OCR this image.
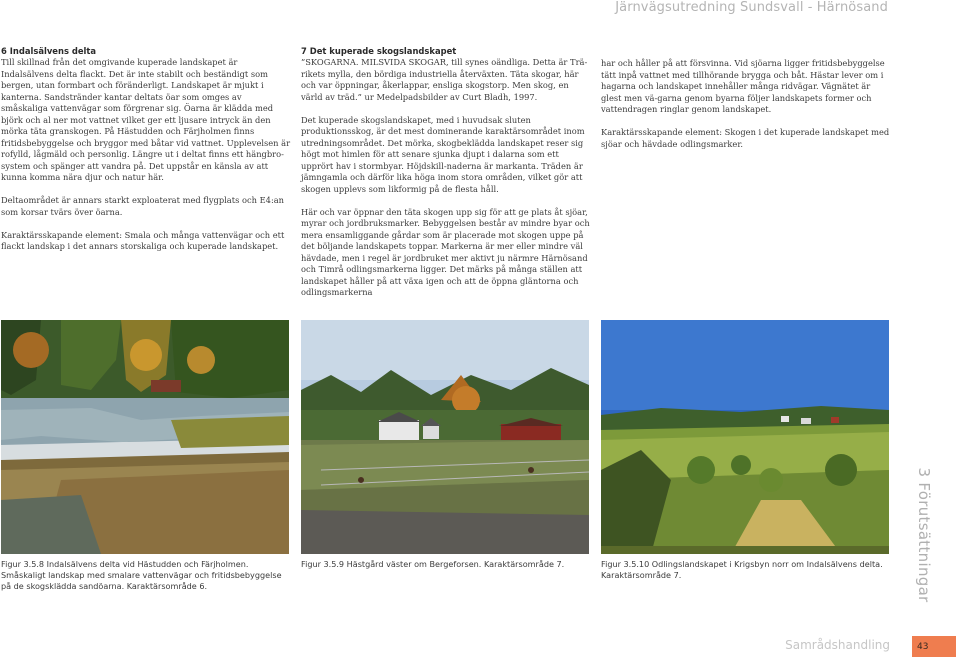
Järnvägsutredning Sundsvall - Härnösand
6 Indalsälvens delta

Till skillnad från det omgivande kuperade landskapet är Indalsälvens delta flackt. Det är inte stabilt och beständigt som bergen, utan formbart och föränderligt. Landskapet är mjukt i kanterna. Sandstränder kantar deltats öar som omges av småskaliga vattenvägar som förgrenar sig. Öarna är klädda med björk och al ner mot vattnet vilket ger ett ljusare intryck än den mörka täta granskogen. På Hästudden och Färjholmen finns fritidsbebyggelse och bryggor med båtar vid vattnet. Upplevelsen är rofylld, lågmäld och personlig. Längre ut i deltat finns ett hängbro-system och spänger att vandra på. Det uppstår en känsla av att kunna komma nära djur och natur här.

Deltaområdet är annars starkt exploaterat med flygplats och E4:an som korsar tvärs över öarna.

Karaktärsskapande element: Smala och många vattenvägar och ett flackt landskap i det annars storskaliga och kuperade landskapet.

7 Det kuperade skogslandskapet

”SKOGARNA. MILSVIDA SKOGAR, till synes oändliga. Detta är Trä-rikets mylla, den bördiga industriella återväxten. Täta skogar, här och var öppningar, åkerlappar, ensliga skogstorp. Men skog, en värld av träd.” ur Medelpadsbilder av Curt Bladh, 1997.

Det kuperade skogslandskapet, med i huvudsak sluten produktionsskog, är det mest dominerande karaktärsområdet inom utredningsområdet. Det mörka, skogbeklädda landskapet reser sig högt mot himlen för att senare sjunka djupt i dalarna som ett upprört hav i stormbyar. Höjdskill-naderna är markanta. Träden är jämngamla och därför lika höga inom stora områden, vilket gör att skogen upplevs som likformig på de flesta håll.

Här och var öppnar den täta skogen upp sig för att ge plats åt sjöar, myrar och jordbruksmarker. Bebyggelsen består av mindre byar och mera ensamliggande gårdar som är placerade mot skogen uppe på det böljande landskapets toppar. Markerna är mer eller mindre väl hävdade, men i regel är jordbruket mer aktivt ju närmre Härnösand och Timrå odlingsmarkerna ligger. Det märks på många ställen att landskapet håller på att växa igen och att de öppna gläntorna och odlingsmarkerna

har och håller på att försvinna. Vid sjöarna ligger fritidsbebyggelse tätt inpå vattnet med tillhörande brygga och båt. Hästar lever om i hagarna och landskapet innehåller många ridvägar. Vägnätet är glest men vä-garna genom byarna följer landskapets former och vattendragen ringlar genom landskapet.

Karaktärsskapande element: Skogen i det kuperade landskapet med sjöar och hävdade odlingsmarker.

Figur 3.5.8 Indalsälvens delta vid Hästudden och Färjholmen. Småskaligt landskap med smalare vattenvägar och fritidsbebyggelse på de skogsklädda sandöarna. Karaktärsområde 6.
Figur 3.5.9 Hästgård väster om Bergeforsen. Karaktärsområde 7.	Figur 3.5.10 Odlingslandskapet i Krigsbyn norr om Indalsälvens delta. Karaktärsområde 7.	3 Förutsättningar
Samrådshandling	43
